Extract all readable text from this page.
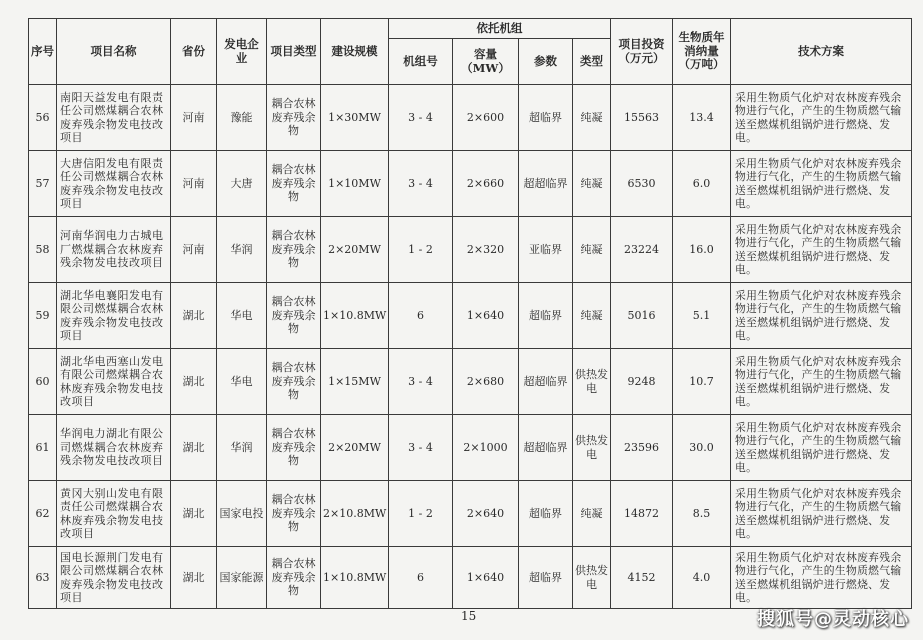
序号	项目名称	省份	发电企业	项目类型	建设规模	依托机组				项目投资（万元）	生物质年消纳量（万吨）	技术方案
						机组号	容量（MW）	参数	类型			
56	南阳天益发电有限责任公司燃煤耦合农林废弃残余物发电技改项目	河南	豫能	耦合农林废弃残余物	1×30MW	3 - 4	2×600	超临界	纯凝	15563	13.4	采用生物质气化炉对农林废弃残余物进行气化，产生的生物质燃气输送至燃煤机组锅炉进行燃烧、发电。
57	大唐信阳发电有限责任公司燃煤耦合农林废弃残余物发电技改项目	河南	大唐	耦合农林废弃残余物	1×10MW	3 - 4	2×660	超超临界	纯凝	6530	6.0	采用生物质气化炉对农林废弃残余物进行气化，产生的生物质燃气输送至燃煤机组锅炉进行燃烧、发电。
58	河南华润电力古城电厂燃煤耦合农林废弃残余物发电技改项目	河南	华润	耦合农林废弃残余物	2×20MW	1 - 2	2×320	亚临界	纯凝	23224	16.0	采用生物质气化炉对农林废弃残余物进行气化，产生的生物质燃气输送至燃煤机组锅炉进行燃烧、发电。
59	湖北华电襄阳发电有限公司燃煤耦合农林废弃残余物发电技改项目	湖北	华电	耦合农林废弃残余物	1×10.8MW	6	1×640	超临界	纯凝	5016	5.1	采用生物质气化炉对农林废弃残余物进行气化，产生的生物质燃气输送至燃煤机组锅炉进行燃烧、发电。
60	湖北华电西塞山发电有限公司燃煤耦合农林废弃残余物发电技改项目	湖北	华电	耦合农林废弃残余物	1×15MW	3 - 4	2×680	超超临界	供热发电	9248	10.7	采用生物质气化炉对农林废弃残余物进行气化，产生的生物质燃气输送至燃煤机组锅炉进行燃烧、发电。
61	华润电力湖北有限公司燃煤耦合农林废弃残余物发电技改项目	湖北	华润	耦合农林废弃残余物	2×20MW	3 - 4	2×1000	超超临界	供热发电	23596	30.0	采用生物质气化炉对农林废弃残余物进行气化，产生的生物质燃气输送至燃煤机组锅炉进行燃烧、发电。
62	黄冈大别山发电有限责任公司燃煤耦合农林废弃残余物发电技改项目	湖北	国家电投	耦合农林废弃残余物	2×10.8MW	1 - 2	2×640	超临界	纯凝	14872	8.5	采用生物质气化炉对农林废弃残余物进行气化，产生的生物质燃气输送至燃煤机组锅炉进行燃烧、发电。
63	国电长源荆门发电有限公司燃煤耦合农林废弃残余物发电技改项目	湖北	国家能源	耦合农林废弃残余物	1×10.8MW	6	1×640	超临界	供热发电	4152	4.0	采用生物质气化炉对农林废弃残余物进行气化，产生的生物质燃气输送至燃煤机组锅炉进行燃烧、发电。
15	搜狐号@灵动核心
